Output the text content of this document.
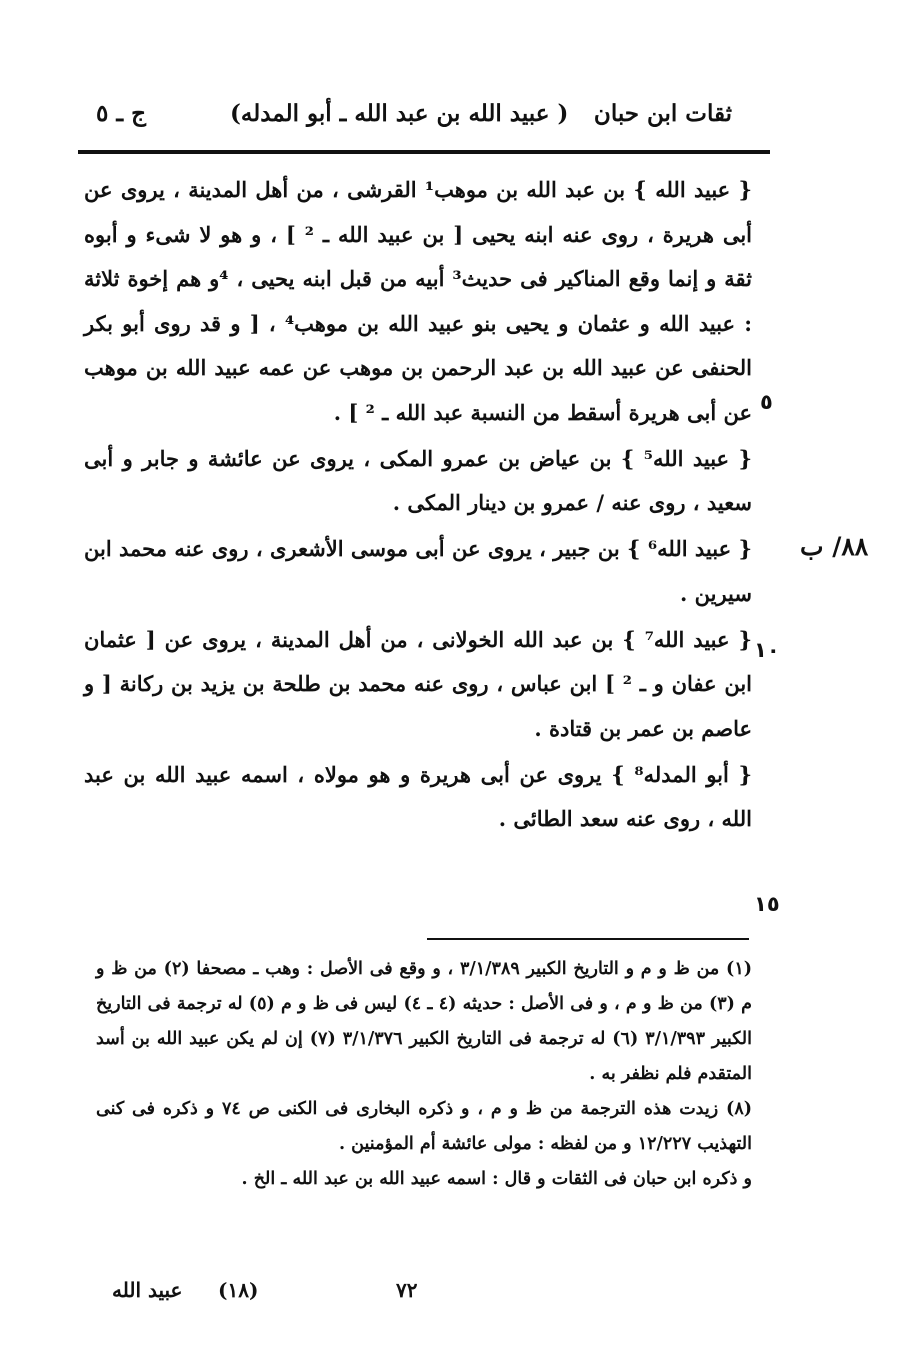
ثقات ابن حبان
(عبيد الله بن عبد الله ـ أبو المدله )
ج ـ ٥

{ عبيد الله } بن عبد الله بن موهب¹ القرشى ، من أهل المدينة ، يروى عن أبى هريرة ، روى عنه ابنه يحيى [ بن عبيد الله ـ ² ] ، و هو لا شىء و أبوه ثقة و إنما وقع المناكير فى حديث³ أبيه من قبل ابنه يحيى ، ⁴و هم إخوة ثلاثة : عبيد الله و عثمان و يحيى بنو عبيد الله بن موهب⁴ ، [ و قد روى أبو بكر الحنفى عن عبيد الله بن عبد الرحمن بن موهب عن عمه عبيد الله بن موهب عن أبى هريرة أسقط من النسبة عبد الله ـ ² ] .

{ عبيد الله⁵ } بن عياض بن عمرو المكى ، يروى عن عائشة و جابر و أبى سعيد ، روى عنه / عمرو بن دينار المكى .

{ عبيد الله⁶ } بن جبير ، يروى عن أبى موسى الأشعرى ، روى عنه محمد ابن سيرين .

{ عبيد الله⁷ } بن عبد الله الخولانى ، من أهل المدينة ، يروى عن [ عثمان ابن عفان و ـ ² ] ابن عباس ، روى عنه محمد بن طلحة بن يزيد بن ركانة [ و عاصم بن عمر بن قتادة .

{ أبو المدله⁸ } يروى عن أبى هريرة و هو مولاه ، اسمه عبيد الله بن عبد الله ، روى عنه سعد الطائى .

٥
١٠
١٥
٨٨/ ب

(١) من ظ و م و التاريخ الكبير ٣/١/٣٨٩ ، و وقع فى الأصل : وهب ـ مصحفا (٢) من ظ و م (٣) من ظ و م ، و فى الأصل : حديثه (٤ ـ ٤) ليس فى ظ و م (٥) له ترجمة فى التاريخ الكبير ٣/١/٣٩٣ (٦) له ترجمة فى التاريخ الكبير ٣/١/٣٧٦ (٧) إن لم يكن عبيد الله بن أسد المتقدم فلم نظفر به .

(٨) زيدت هذه الترجمة من ظ و م ، و ذكره البخارى فى الكنى ص ٧٤ و ذكره فى كنى التهذيب ١٢/٢٢٧ و من لفظه : مولى عائشة أم المؤمنين .

و ذكره ابن حبان فى الثقات و قال : اسمه عبيد الله بن عبد الله ـ الخ .

عبيد الله (١٨)	٧٢
